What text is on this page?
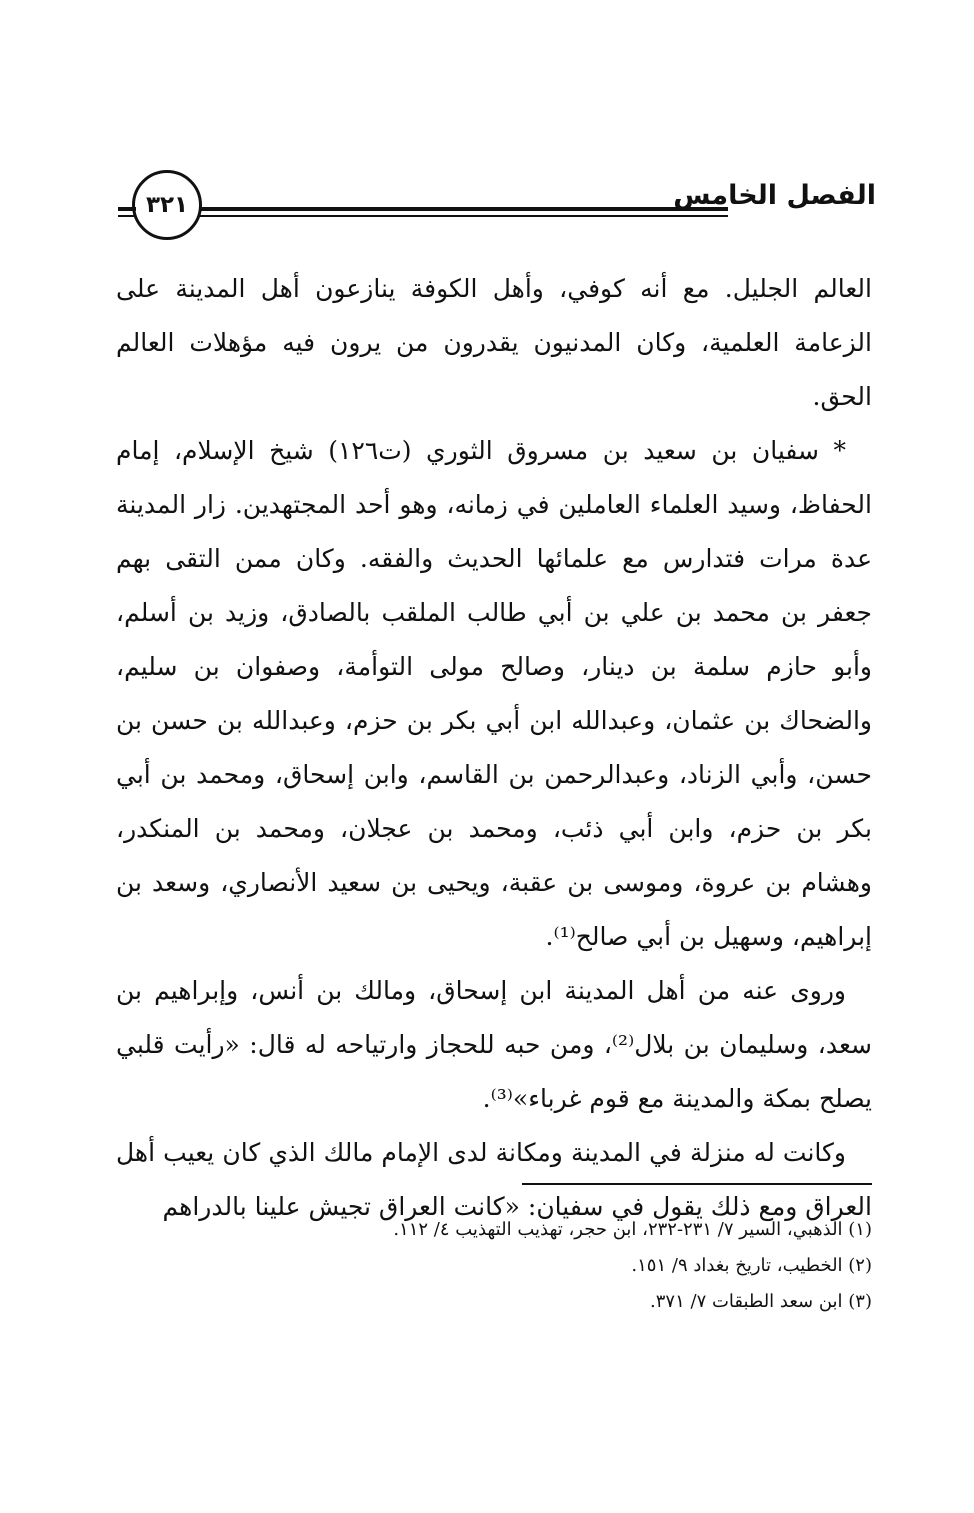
٣٢١	الفصل الخامس

العالم الجليل. مع أنه كوفي، وأهل الكوفة ينازعون أهل المدينة على الزعامة العلمية، وكان المدنيون يقدرون من يرون فيه مؤهلات العالم الحق.

* سفيان بن سعيد بن مسروق الثوري (ت١٢٦) شيخ الإسلام، إمام الحفاظ، وسيد العلماء العاملين في زمانه، وهو أحد المجتهدين. زار المدينة عدة مرات فتدارس مع علمائها الحديث والفقه. وكان ممن التقى بهم جعفر بن محمد بن علي بن أبي طالب الملقب بالصادق، وزيد بن أسلم، وأبو حازم سلمة بن دينار، وصالح مولى التوأمة، وصفوان بن سليم، والضحاك بن عثمان، وعبدالله ابن أبي بكر بن حزم، وعبدالله بن حسن بن حسن، وأبي الزناد، وعبدالرحمن بن القاسم، وابن إسحاق، ومحمد بن أبي بكر بن حزم، وابن أبي ذئب، ومحمد بن عجلان، ومحمد بن المنكدر، وهشام بن عروة، وموسى بن عقبة، ويحيى بن سعيد الأنصاري، وسعد بن إبراهيم، وسهيل بن أبي صالح⁽¹⁾.

وروى عنه من أهل المدينة ابن إسحاق، ومالك بن أنس، وإبراهيم بن سعد، وسليمان بن بلال⁽²⁾، ومن حبه للحجاز وارتياحه له قال: «رأيت قلبي يصلح بمكة والمدينة مع قوم غرباء»⁽³⁾.

وكانت له منزلة في المدينة ومكانة لدى الإمام مالك الذي كان يعيب أهل العراق ومع ذلك يقول في سفيان: «كانت العراق تجيش علينا بالدراهم

(١) الذهبي، السير ٧/ ٢٣١-٢٣٢، ابن حجر، تهذيب التهذيب ٤/ ١١٢.
(٢) الخطيب، تاريخ بغداد ٩/ ١٥١.
(٣) ابن سعد الطبقات ٧/ ٣٧١.
